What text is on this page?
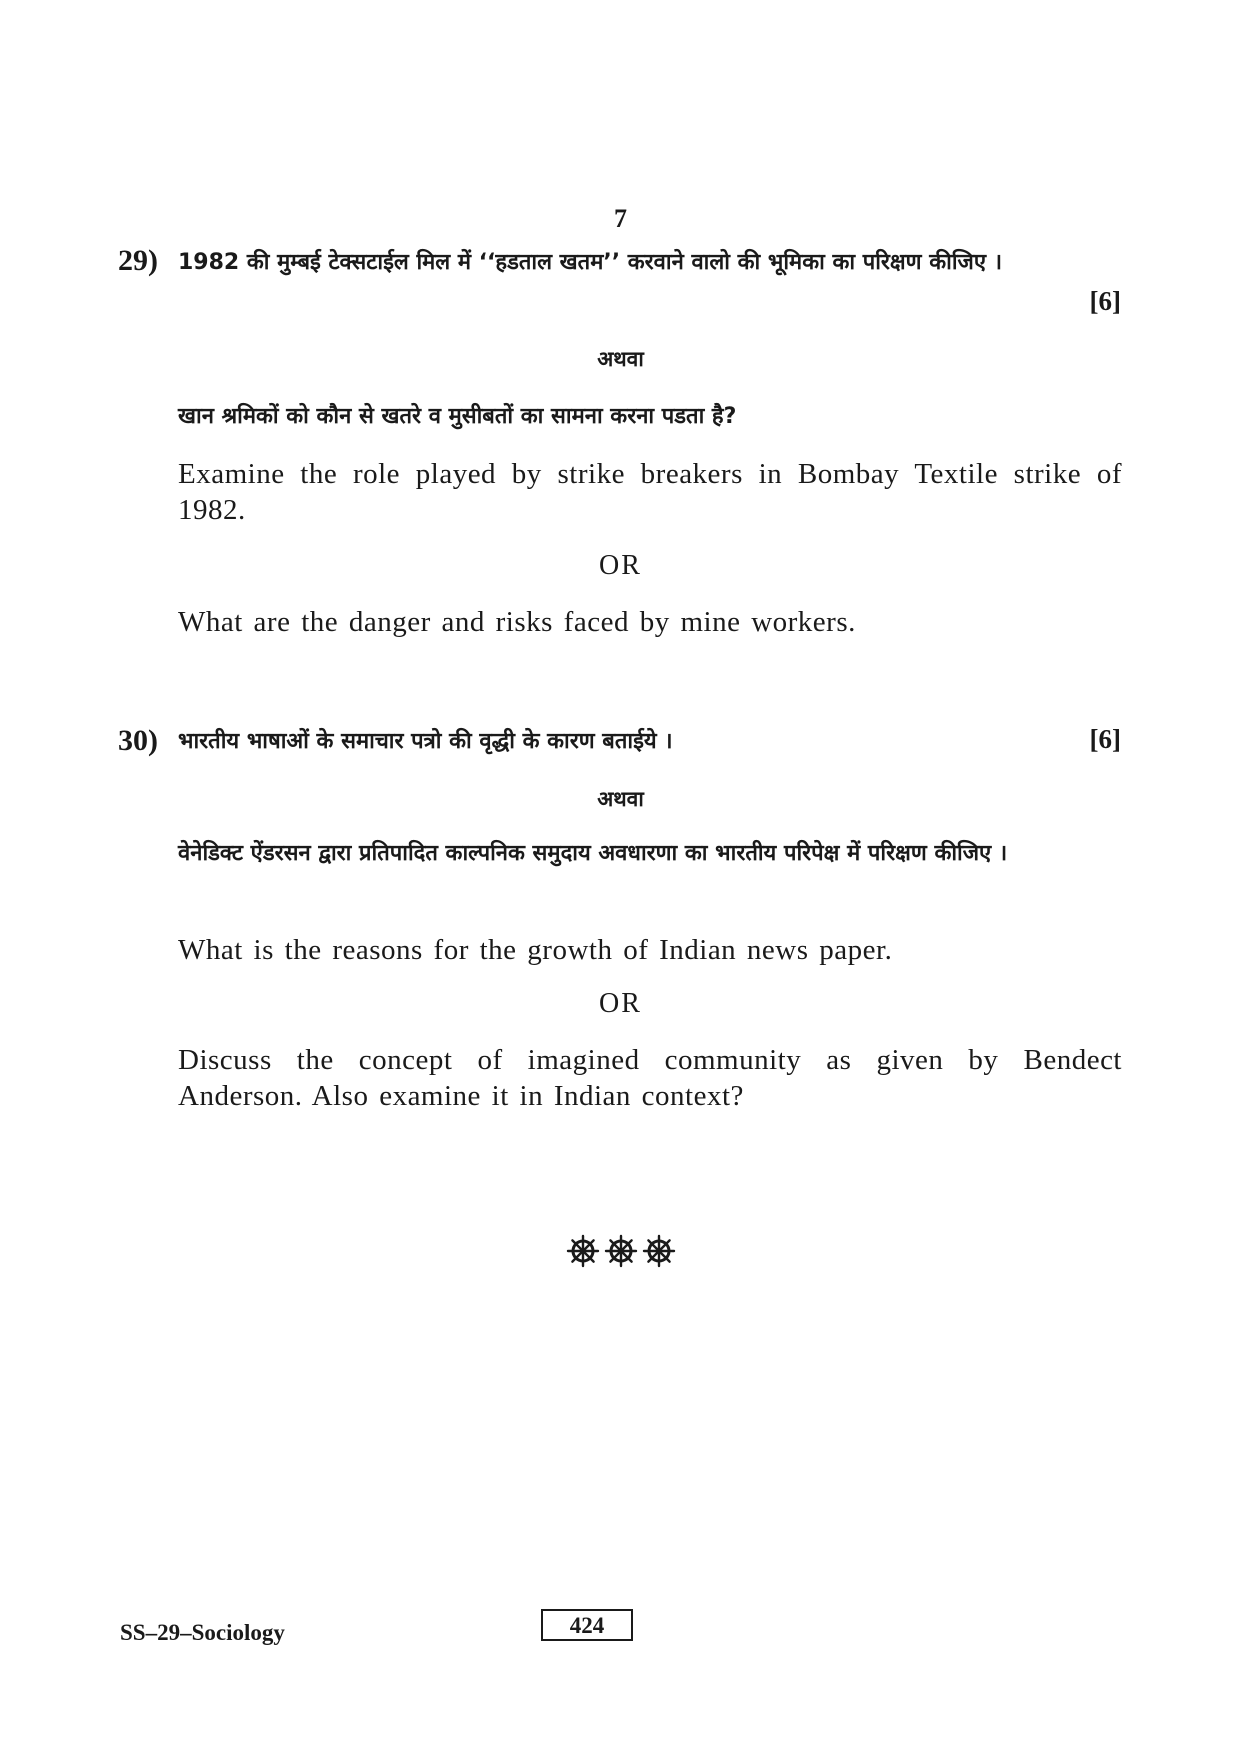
7
29) 1982 की मुम्बई टेक्सटाईल मिल में ‘‘हडताल खतम’’ करवाने वालो की भूमिका का परिक्षण कीजिए ।
[6]
अथवा
खान श्रमिकों को कौन से खतरे व मुसीबतों का सामना करना पडता है?
Examine the role played by strike breakers in Bombay Textile strike of 1982.
OR
What are the danger and risks faced by mine workers.
30) भारतीय भाषाओं के समाचार पत्रो की वृद्धी के कारण बताईये ।	[6]
अथवा
वेनेडिक्ट ऐंडरसन द्वारा प्रतिपादित काल्पनिक समुदाय अवधारणा का भारतीय परिपेक्ष में परिक्षण कीजिए ।
What is the reasons for the growth of Indian news paper.
OR
Discuss the concept of imagined community as given by Bendect Anderson. Also examine it in Indian context?
SS–29–Sociology	424
